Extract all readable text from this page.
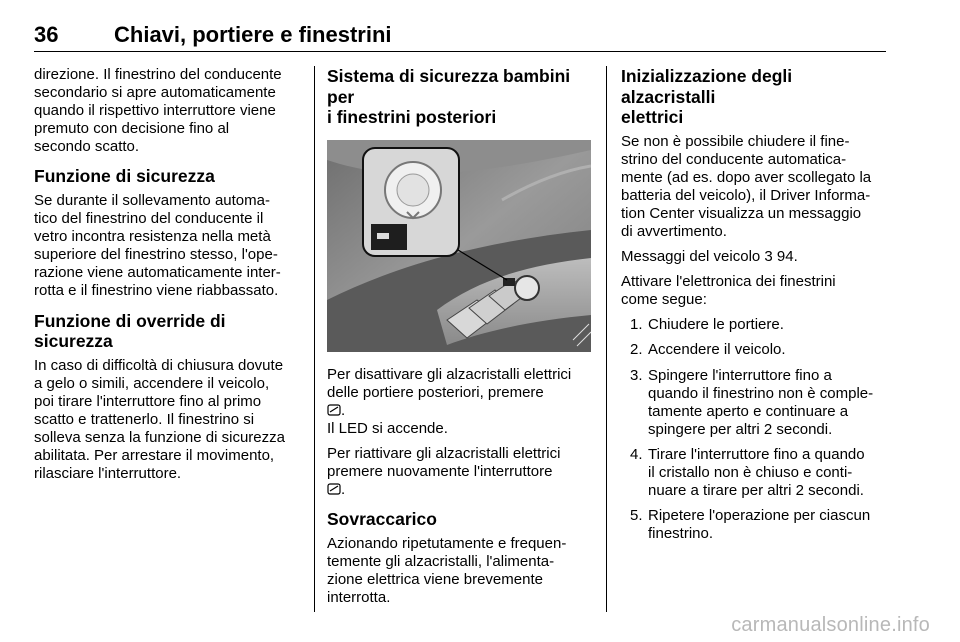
36	Chiavi, portiere e finestrini

direzione. Il finestrino del conducente
secondario si apre automaticamente
quando il rispettivo interruttore viene
premuto con decisione fino al
secondo scatto.

Funzione di sicurezza

Se durante il sollevamento automa-
tico del finestrino del conducente il
vetro incontra resistenza nella metà
superiore del finestrino stesso, l'ope-
razione viene automaticamente inter-
rotta e il finestrino viene riabbassato.

Funzione di override di sicurezza

In caso di difficoltà di chiusura dovute
a gelo o simili, accendere il veicolo,
poi tirare l'interruttore fino al primo
scatto e trattenerlo. Il finestrino si
solleva senza la funzione di sicurezza
abilitata. Per arrestare il movimento,
rilasciare l'interruttore.

Sistema di sicurezza bambini per
i finestrini posteriori

Per disattivare gli alzacristalli elettrici
delle portiere posteriori, premere
.
Il LED si accende.

Per riattivare gli alzacristalli elettrici
premere nuovamente l'interruttore
.

Sovraccarico

Azionando ripetutamente e frequen-
temente gli alzacristalli, l'alimenta-
zione elettrica viene brevemente
interrotta.

Inizializzazione degli alzacristalli
elettrici

Se non è possibile chiudere il fine-
strino del conducente automatica-
mente (ad es. dopo aver scollegato la
batteria del veicolo), il Driver Informa-
tion Center visualizza un messaggio
di avvertimento.

Messaggi del veicolo 3 94.

Attivare l'elettronica dei finestrini
come segue:

1. Chiudere le portiere.
2. Accendere il veicolo.
3. Spingere l'interruttore fino a
quando il finestrino non è comple-
tamente aperto e continuare a
spingere per altri 2 secondi.
4. Tirare l'interruttore fino a quando
il cristallo non è chiuso e conti-
nuare a tirare per altri 2 secondi.
5. Ripetere l'operazione per ciascun
finestrino.
carmanualsonline.info
